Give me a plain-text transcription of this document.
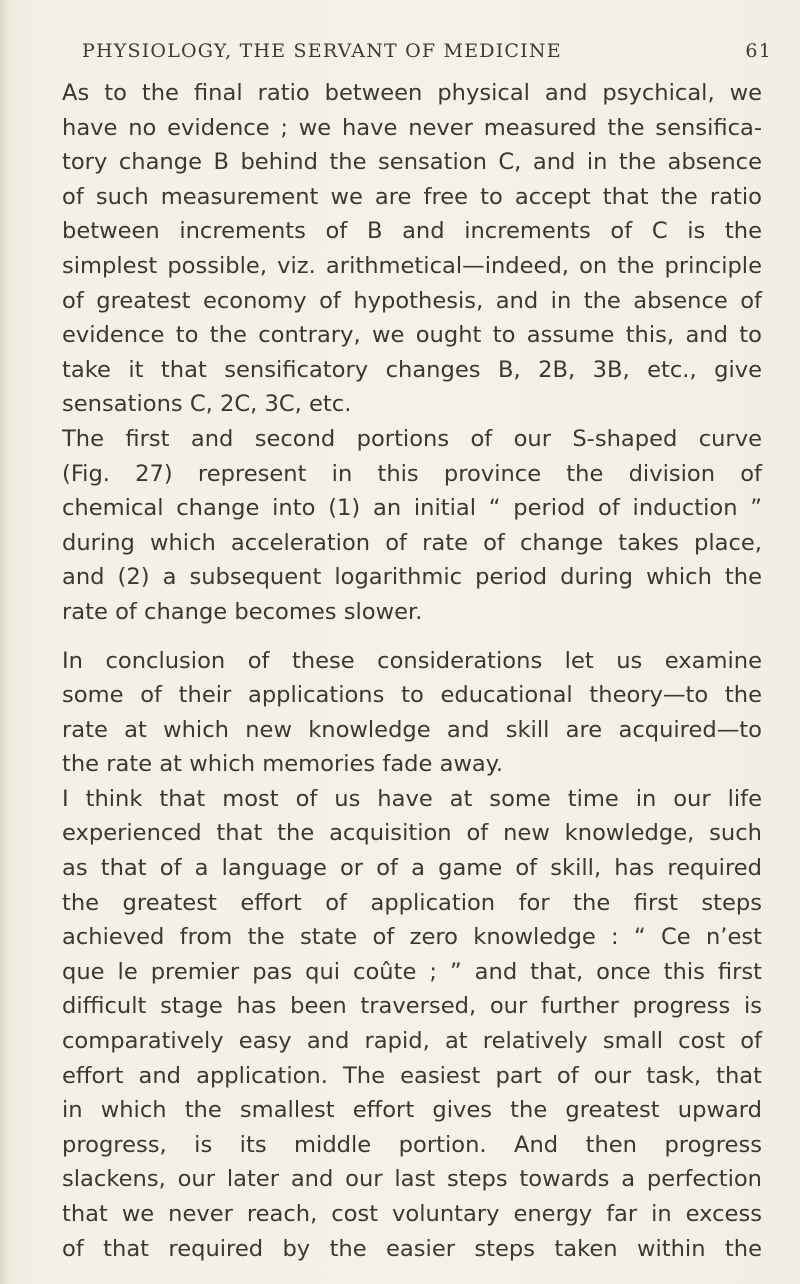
PHYSIOLOGY, THE SERVANT OF MEDICINE	61
As to the final ratio between physical and psychical, we
have no evidence ; we have never measured the sensifica-
tory change B behind the sensation C, and in the absence
of such measurement we are free to accept that the ratio
between increments of B and increments of C is the
simplest possible, viz. arithmetical—indeed, on the principle
of greatest economy of hypothesis, and in the absence of
evidence to the contrary, we ought to assume this, and to
take it that sensificatory changes B, 2B, 3B, etc., give
sensations C, 2C, 3C, etc.
The first and second portions of our S-shaped curve
(Fig. 27) represent in this province the division of
chemical change into (1) an initial “ period of induction ”
during which acceleration of rate of change takes place,
and (2) a subsequent logarithmic period during which the
rate of change becomes slower.
In conclusion of these considerations let us examine
some of their applications to educational theory—to the
rate at which new knowledge and skill are acquired—to
the rate at which memories fade away.
I think that most of us have at some time in our life
experienced that the acquisition of new knowledge, such
as that of a language or of a game of skill, has required
the greatest effort of application for the first steps
achieved from the state of zero knowledge : “ Ce n’est
que le premier pas qui coûte ; ” and that, once this first
difficult stage has been traversed, our further progress is
comparatively easy and rapid, at relatively small cost of
effort and application. The easiest part of our task, that
in which the smallest effort gives the greatest upward
progress, is its middle portion. And then progress
slackens, our later and our last steps towards a perfection
that we never reach, cost voluntary energy far in excess
of that required by the easier steps taken within the
